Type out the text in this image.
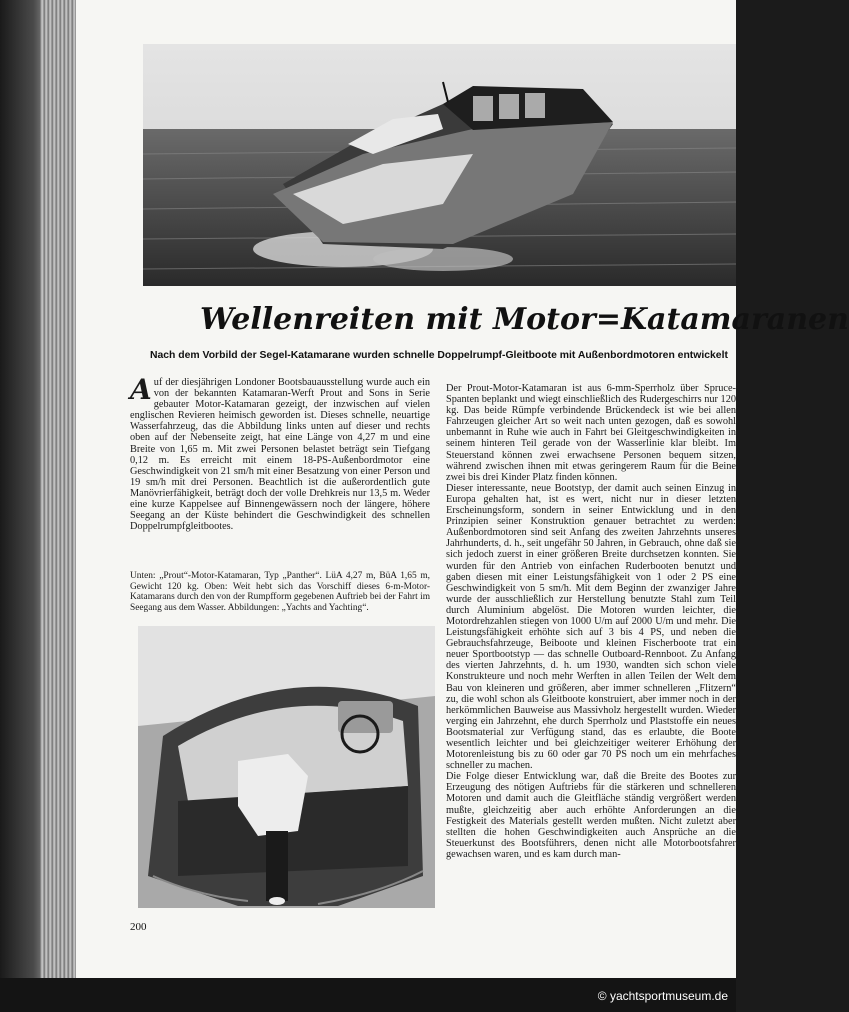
Wellenreiten mit Motor=Katamaranen
Nach dem Vorbild der Segel-Katamarane wurden schnelle Doppelrumpf-Gleitboote mit Außenbordmotoren entwickelt

Auf der diesjährigen Londoner Bootsbauausstellung wurde auch ein von der bekannten Katamaran-Werft Prout and Sons in Serie gebauter Motor-Katamaran gezeigt, der inzwischen auf vielen englischen Revieren heimisch geworden ist. Dieses schnelle, neuartige Wasserfahrzeug, das die Abbildung links unten auf dieser und rechts oben auf der Nebenseite zeigt, hat eine Länge von 4,27 m und eine Breite von 1,65 m. Mit zwei Personen belastet beträgt sein Tiefgang 0,12 m. Es erreicht mit einem 18-PS-Außenbordmotor eine Geschwindigkeit von 21 sm/h mit einer Besatzung von einer Person und 19 sm/h mit drei Personen. Beachtlich ist die außerordentlich gute Manövrierfähigkeit, beträgt doch der volle Drehkreis nur 13,5 m. Weder eine kurze Kappelsee auf Binnengewässern noch der längere, höhere Seegang an der Küste behindert die Geschwindigkeit des schnellen Doppelrumpfgleitbootes.

Unten: „Prout“-Motor-Katamaran, Typ „Panther“. LüA 4,27 m, BüA 1,65 m, Gewicht 120 kg. Oben: Weit hebt sich das Vorschiff dieses 6-m-Motor-Katamarans durch den von der Rumpfform gegebenen Auftrieb bei der Fahrt im Seegang aus dem Wasser. Abbildungen: „Yachts and Yachting“.

Der Prout-Motor-Katamaran ist aus 6-mm-Sperrholz über Spruce-Spanten beplankt und wiegt einschließlich des Rudergeschirrs nur 120 kg. Das beide Rümpfe verbindende Brückendeck ist wie bei allen Fahrzeugen gleicher Art so weit nach unten gezogen, daß es sowohl unbemannt in Ruhe wie auch in Fahrt bei Gleitgeschwindigkeiten in seinem hinteren Teil gerade von der Wasserlinie klar bleibt. Im Steuerstand können zwei erwachsene Personen bequem sitzen, während zwischen ihnen mit etwas geringerem Raum für die Beine zwei bis drei Kinder Platz finden können.

Dieser interessante, neue Bootstyp, der damit auch seinen Einzug in Europa gehalten hat, ist es wert, nicht nur in dieser letzten Erscheinungsform, sondern in seiner Entwicklung und in den Prinzipien seiner Konstruktion genauer betrachtet zu werden: Außenbordmotoren sind seit Anfang des zweiten Jahrzehnts unseres Jahrhunderts, d. h., seit ungefähr 50 Jahren, in Gebrauch, ohne daß sie sich jedoch zuerst in einer größeren Breite durchsetzen konnten. Sie wurden für den Antrieb von einfachen Ruderbooten benutzt und gaben diesen mit einer Leistungsfähigkeit von 1 oder 2 PS eine Geschwindigkeit von 5 sm/h. Mit dem Beginn der zwanziger Jahre wurde der ausschließlich zur Herstellung benutzte Stahl zum Teil durch Aluminium abgelöst. Die Motoren wurden leichter, die Motordrehzahlen stiegen von 1000 U/m auf 2000 U/m und mehr. Die Leistungsfähigkeit erhöhte sich auf 3 bis 4 PS, und neben die Gebrauchsfahrzeuge, Beiboote und kleinen Fischerboote trat ein neuer Sportbootstyp — das schnelle Outboard-Rennboot. Zu Anfang des vierten Jahrzehnts, d. h. um 1930, wandten sich schon viele Konstrukteure und noch mehr Werften in allen Teilen der Welt dem Bau von kleineren und größeren, aber immer schnelleren „Flitzern“ zu, die wohl schon als Gleitboote konstruiert, aber immer noch in der herkömmlichen Bauweise aus Massivholz hergestellt wurden. Wieder verging ein Jahrzehnt, ehe durch Sperrholz und Plaststoffe ein neues Bootsmaterial zur Verfügung stand, das es erlaubte, die Boote wesentlich leichter und bei gleichzeitiger weiterer Erhöhung der Motorenleistung bis zu 60 oder gar 70 PS noch um ein mehrfaches schneller zu machen.

Die Folge dieser Entwicklung war, daß die Breite des Bootes zur Erzeugung des nötigen Auftriebs für die stärkeren und schnelleren Motoren und damit auch die Gleitfläche ständig vergrößert werden mußte, gleichzeitig aber auch erhöhte Anforderungen an die Festigkeit des Materials gestellt werden mußten. Nicht zuletzt aber stellten die hohen Geschwindigkeiten auch Ansprüche an die Steuerkunst des Bootsführers, denen nicht alle Motorbootsfahrer gewachsen waren, und es kam durch man-

200
© yachtsportmuseum.de
